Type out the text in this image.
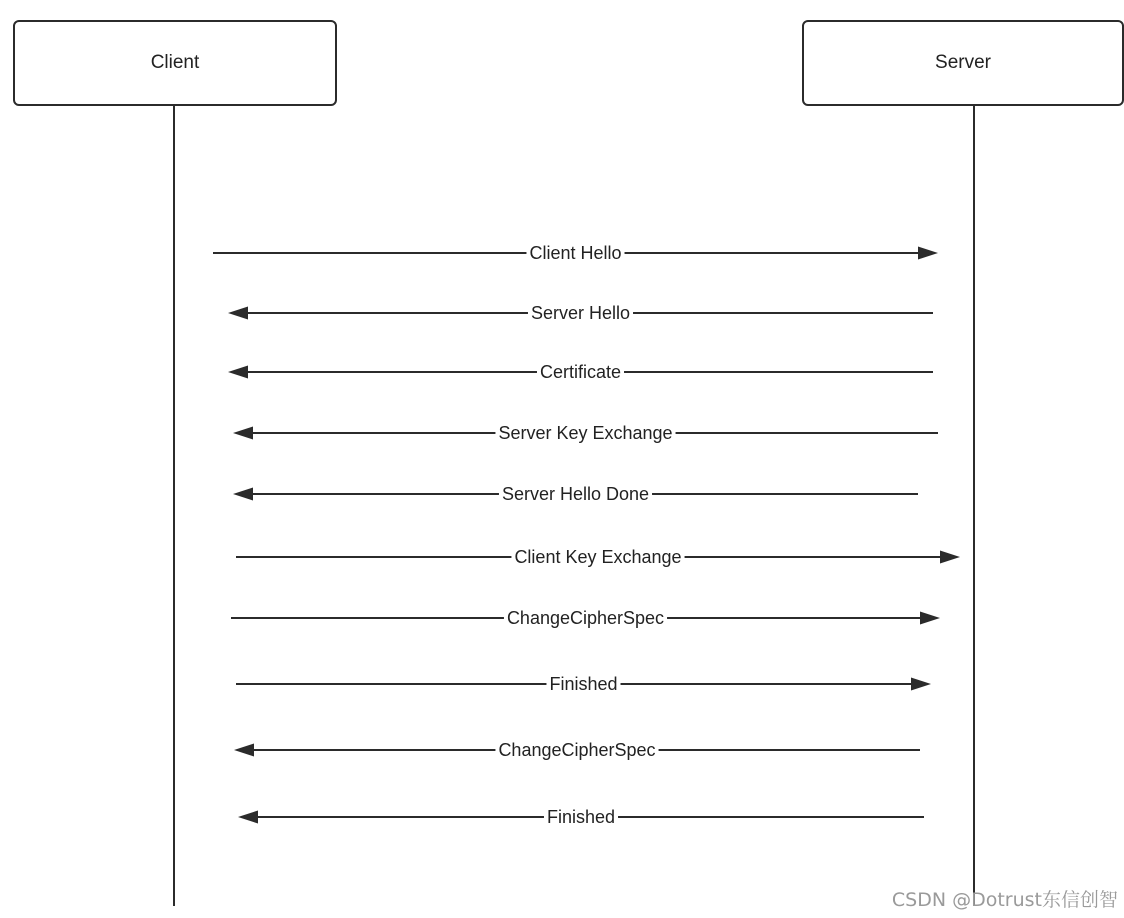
Client	Server
Client Hello
Server Hello
Certificate
Server Key Exchange
Server Hello Done
Client Key Exchange
ChangeCipherSpec
Finished
ChangeCipherSpec
Finished
CSDN @Dotrust东信创智
